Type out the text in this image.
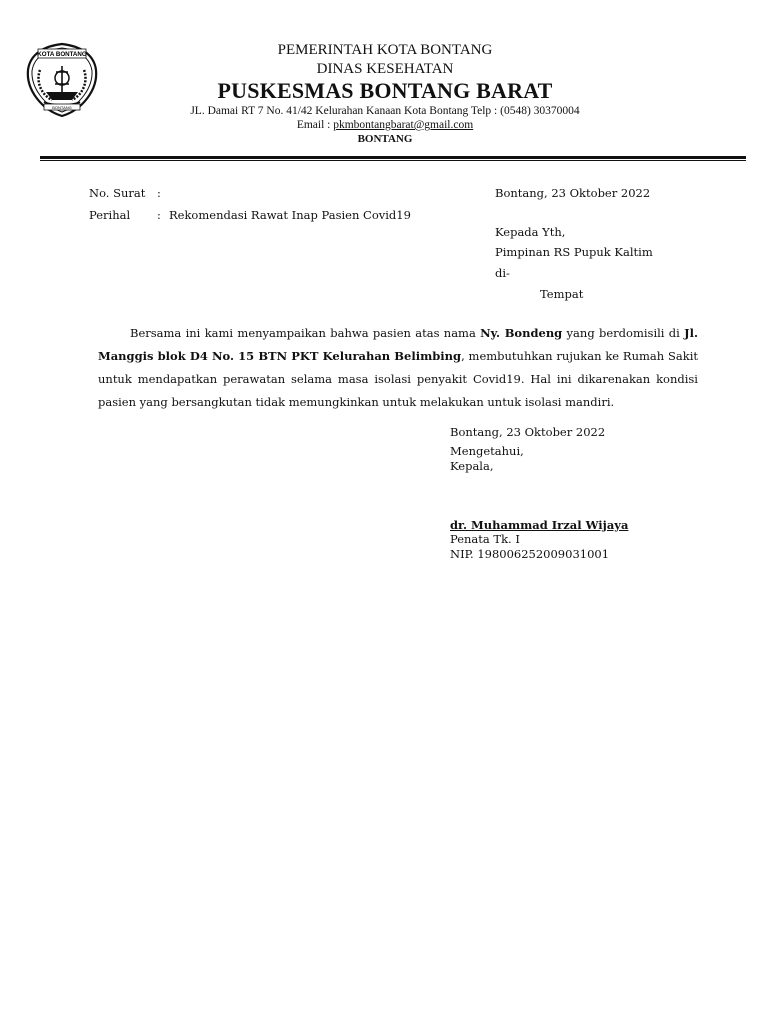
KOTA BONTANG
BONTANG
PEMERINTAH KOTA BONTANG
DINAS KESEHATAN
PUSKESMAS BONTANG BARAT
JL. Damai RT 7 No. 41/42 Kelurahan Kanaan Kota Bontang Telp : (0548) 30370004
Email : pkmbontangbarat@gmail.com
BONTANG
No. Surat :
Perihal : Rekomendasi Rawat Inap Pasien Covid19
Bontang, 23 Oktober 2022
Kepada Yth,
Pimpinan RS Pupuk Kaltim
di-
Tempat
Bersama ini kami menyampaikan bahwa pasien atas nama Ny. Bondeng yang berdomisili di Jl. Manggis blok D4 No. 15 BTN PKT Kelurahan Belimbing, membutuhkan rujukan ke Rumah Sakit untuk mendapatkan perawatan selama masa isolasi penyakit Covid19. Hal ini dikarenakan kondisi pasien yang bersangkutan tidak memungkinkan untuk melakukan untuk isolasi mandiri.
Bontang, 23 Oktober 2022
Mengetahui,
Kepala,
dr. Muhammad Irzal Wijaya
Penata Tk. I
NIP. 198006252009031001
